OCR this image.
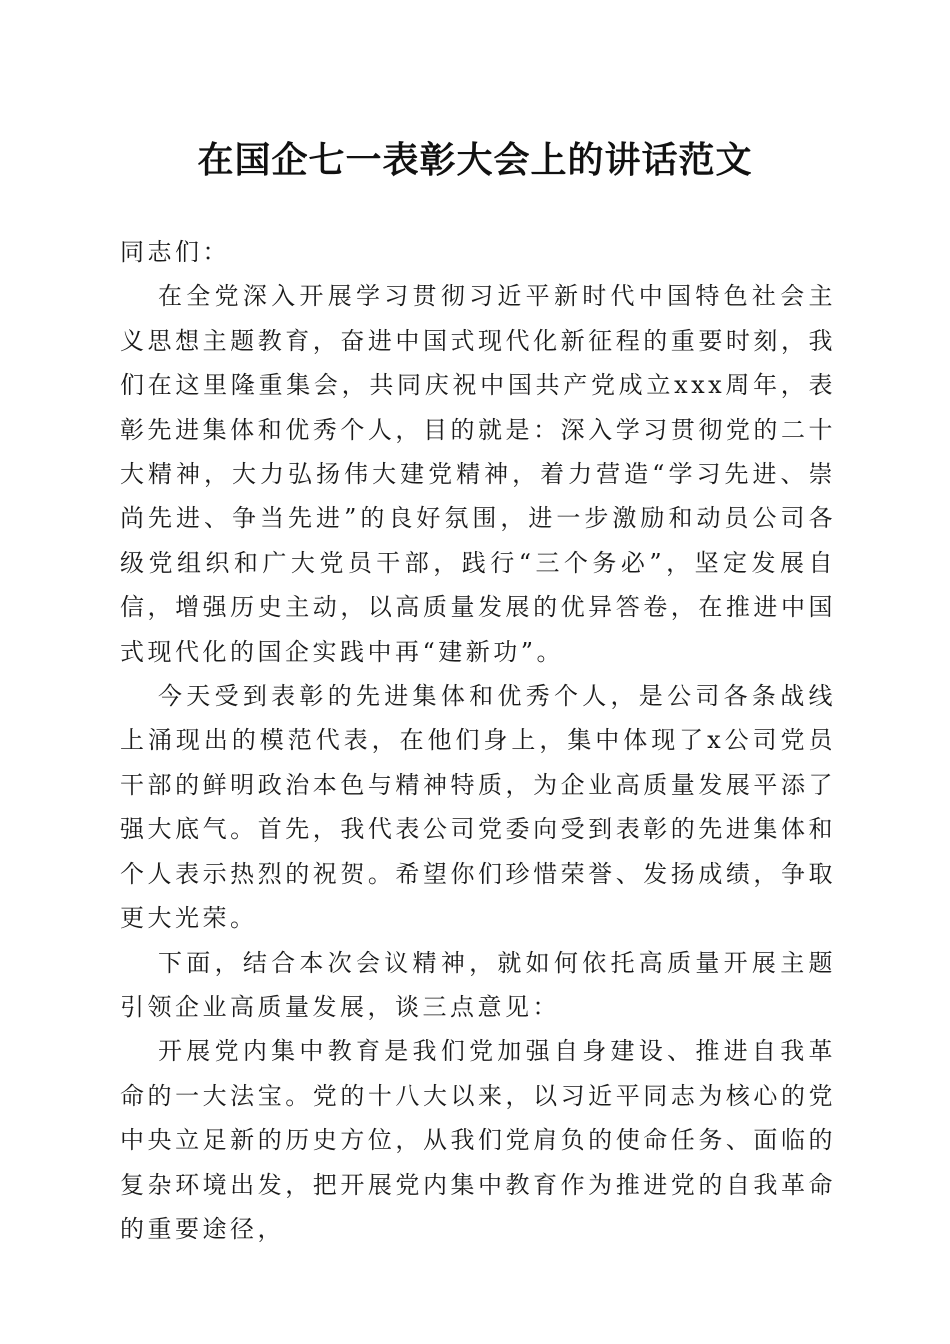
在国企七一表彰大会上的讲话范文

同志们：

在全党深入开展学习贯彻习近平新时代中国特色社会主义思想主题教育，奋进中国式现代化新征程的重要时刻，我们在这里隆重集会，共同庆祝中国共产党成立xxx周年，表彰先进集体和优秀个人，目的就是：深入学习贯彻党的二十大精神，大力弘扬伟大建党精神，着力营造“学习先进、崇尚先进、争当先进”的良好氛围，进一步激励和动员公司各级党组织和广大党员干部，践行“三个务必”，坚定发展自信，增强历史主动，以高质量发展的优异答卷，在推进中国式现代化的国企实践中再“建新功”。

今天受到表彰的先进集体和优秀个人，是公司各条战线上涌现出的模范代表，在他们身上，集中体现了x公司党员干部的鲜明政治本色与精神特质，为企业高质量发展平添了强大底气。首先，我代表公司党委向受到表彰的先进集体和个人表示热烈的祝贺。希望你们珍惜荣誉、发扬成绩，争取更大光荣。

下面，结合本次会议精神，就如何依托高质量开展主题引领企业高质量发展，谈三点意见：

开展党内集中教育是我们党加强自身建设、推进自我革命的一大法宝。党的十八大以来，以习近平同志为核心的党中央立足新的历史方位，从我们党肩负的使命任务、面临的复杂环境出发，把开展党内集中教育作为推进党的自我革命的重要途径，
